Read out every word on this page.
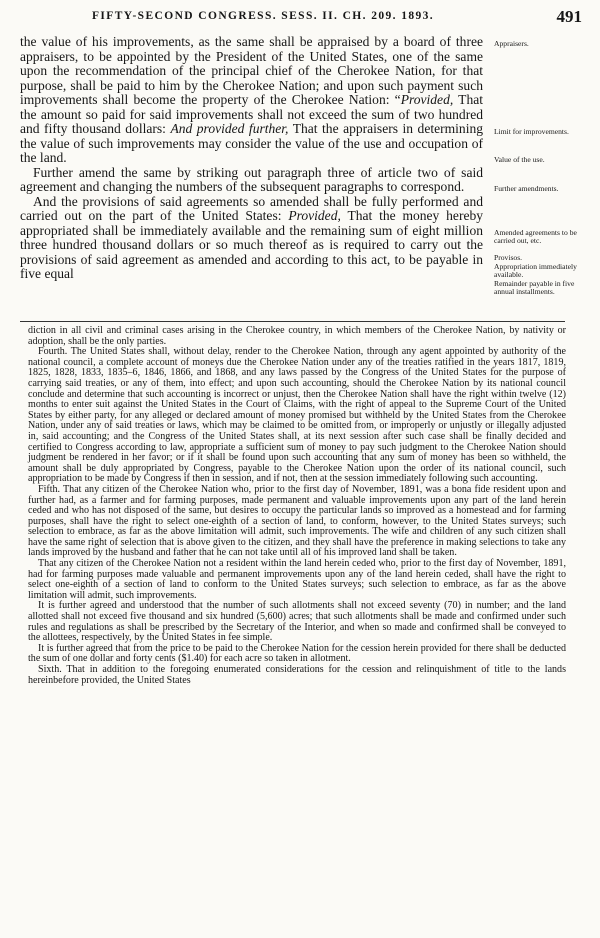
FIFTY-SECOND CONGRESS. SESS. II. CH. 209. 1893.	491

the value of his improvements, as the same shall be appraised by a board of three appraisers, to be appointed by the President of the United States, one of the same upon the recommendation of the principal chief of the Cherokee Nation, for that purpose, shall be paid to him by the Cherokee Nation; and upon such payment such improvements shall become the property of the Cherokee Nation: “Provided, That the amount so paid for said improvements shall not exceed the sum of two hundred and fifty thousand dollars: And provided further, That the appraisers in determining the value of such improvements may consider the value of the use and occupation of the land.

Further amend the same by striking out paragraph three of article two of said agreement and changing the numbers of the subsequent paragraphs to correspond.

And the provisions of said agreements so amended shall be fully performed and carried out on the part of the United States: Provided, That the money hereby appropriated shall be immediately available and the remaining sum of eight million three hundred thousand dollars or so much thereof as is required to carry out the provisions of said agreement as amended and according to this act, to be payable in five equal

Appraisers.
Limit for improvements.
Value of the use.
Further amendments.
Amended agreements to be carried out, etc.
Provisos.
Appropriation immediately available.
Remainder payable in five annual installments.

diction in all civil and criminal cases arising in the Cherokee country, in which members of the Cherokee Nation, by nativity or adoption, shall be the only parties.

Fourth. The United States shall, without delay, render to the Cherokee Nation, through any agent appointed by authority of the national council, a complete account of moneys due the Cherokee Nation under any of the treaties ratified in the years 1817, 1819, 1825, 1828, 1833, 1835–6, 1846, 1866, and 1868, and any laws passed by the Congress of the United States for the purpose of carrying said treaties, or any of them, into effect; and upon such accounting, should the Cherokee Nation by its national council conclude and determine that such accounting is incorrect or unjust, then the Cherokee Nation shall have the right within twelve (12) months to enter suit against the United States in the Court of Claims, with the right of appeal to the Supreme Court of the United States by either party, for any alleged or declared amount of money promised but withheld by the United States from the Cherokee Nation, under any of said treaties or laws, which may be claimed to be omitted from, or improperly or unjustly or illegally adjusted in, said accounting; and the Congress of the United States shall, at its next session after such case shall be finally decided and certified to Congress according to law, appropriate a sufficient sum of money to pay such judgment to the Cherokee Nation should judgment be rendered in her favor; or if it shall be found upon such accounting that any sum of money has been so withheld, the amount shall be duly appropriated by Congress, payable to the Cherokee Nation upon the order of its national council, such appropriation to be made by Congress if then in session, and if not, then at the session immediately following such accounting.

Fifth. That any citizen of the Cherokee Nation who, prior to the first day of November, 1891, was a bona fide resident upon and further had, as a farmer and for farming purposes, made permanent and valuable improvements upon any part of the land herein ceded and who has not disposed of the same, but desires to occupy the particular lands so improved as a homestead and for farming purposes, shall have the right to select one-eighth of a section of land, to conform, however, to the United States surveys; such selection to embrace, as far as the above limitation will admit, such improvements. The wife and children of any such citizen shall have the same right of selection that is above given to the citizen, and they shall have the preference in making selections to take any lands improved by the husband and father that he can not take until all of his improved land shall be taken.

That any citizen of the Cherokee Nation not a resident within the land herein ceded who, prior to the first day of November, 1891, had for farming purposes made valuable and permanent improvements upon any of the land herein ceded, shall have the right to select one-eighth of a section of land to conform to the United States surveys; such selection to embrace, as far as the above limitation will admit, such improvements.

It is further agreed and understood that the number of such allotments shall not exceed seventy (70) in number; and the land allotted shall not exceed five thousand and six hundred (5,600) acres; that such allotments shall be made and confirmed under such rules and regulations as shall be prescribed by the Secretary of the Interior, and when so made and confirmed shall be conveyed to the allottees, respectively, by the United States in fee simple.

It is further agreed that from the price to be paid to the Cherokee Nation for the cession herein provided for there shall be deducted the sum of one dollar and forty cents ($1.40) for each acre so taken in allotment.

Sixth. That in addition to the foregoing enumerated considerations for the cession and relinquishment of title to the lands hereinbefore provided, the United States
